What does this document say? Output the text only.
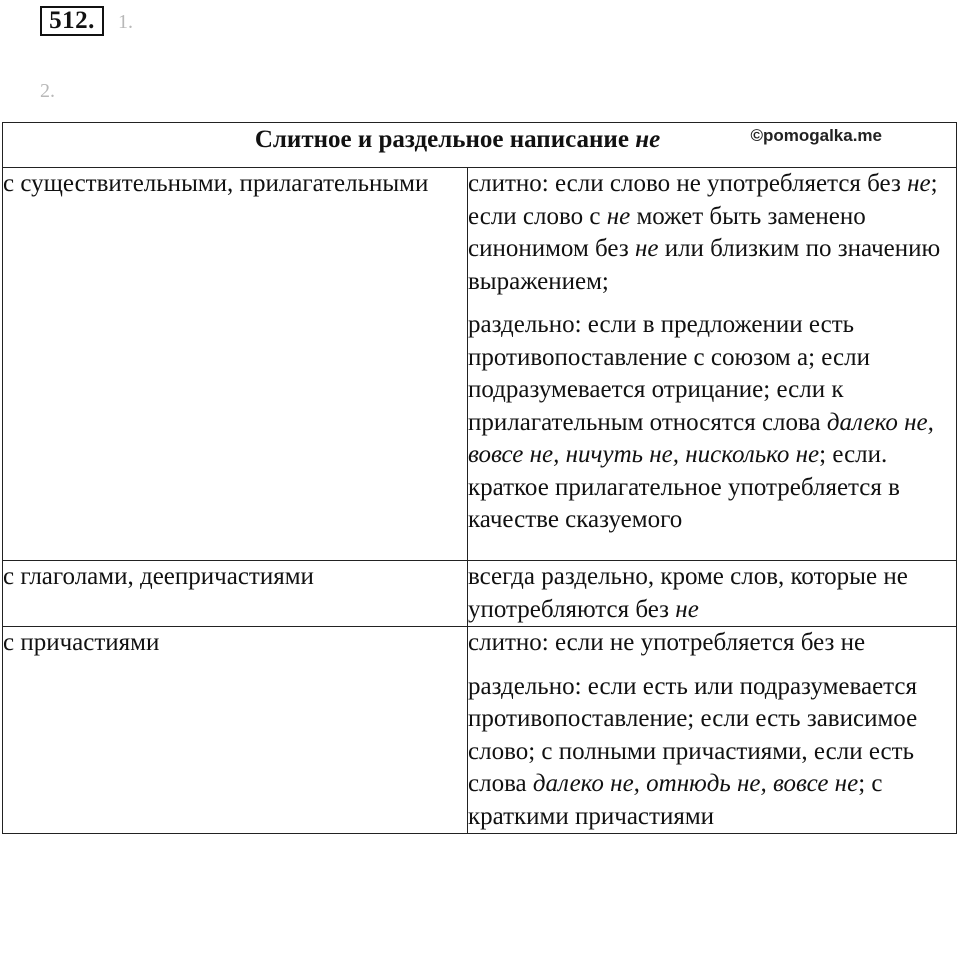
512.	1.
2.
Слитное и раздельное написание не ©pomogalka.me	

с существительными, прилагательными	слитно: если слово не употребляется без не; если слово с не может быть заменено синонимом без не или близким по значению выражением;
раздельно: если в предложении есть противопоставление с союзом а; если подразумевается отрицание; если к прилагательным относятся слова далеко не, вовсе не, ничуть не, нисколько не; если. краткое прилагательное употребляется в качестве сказуемого

с глаголами, деепричастиями	всегда раздельно, кроме слов, которые не употребляются без не

с причастиями	слитно: если не употребляется без не
раздельно: если есть или подразумевается противопоставление; если есть зависимое слово; с полными причастиями, если есть слова далеко не, отнюдь не, вовсе не; с краткими причастиями
